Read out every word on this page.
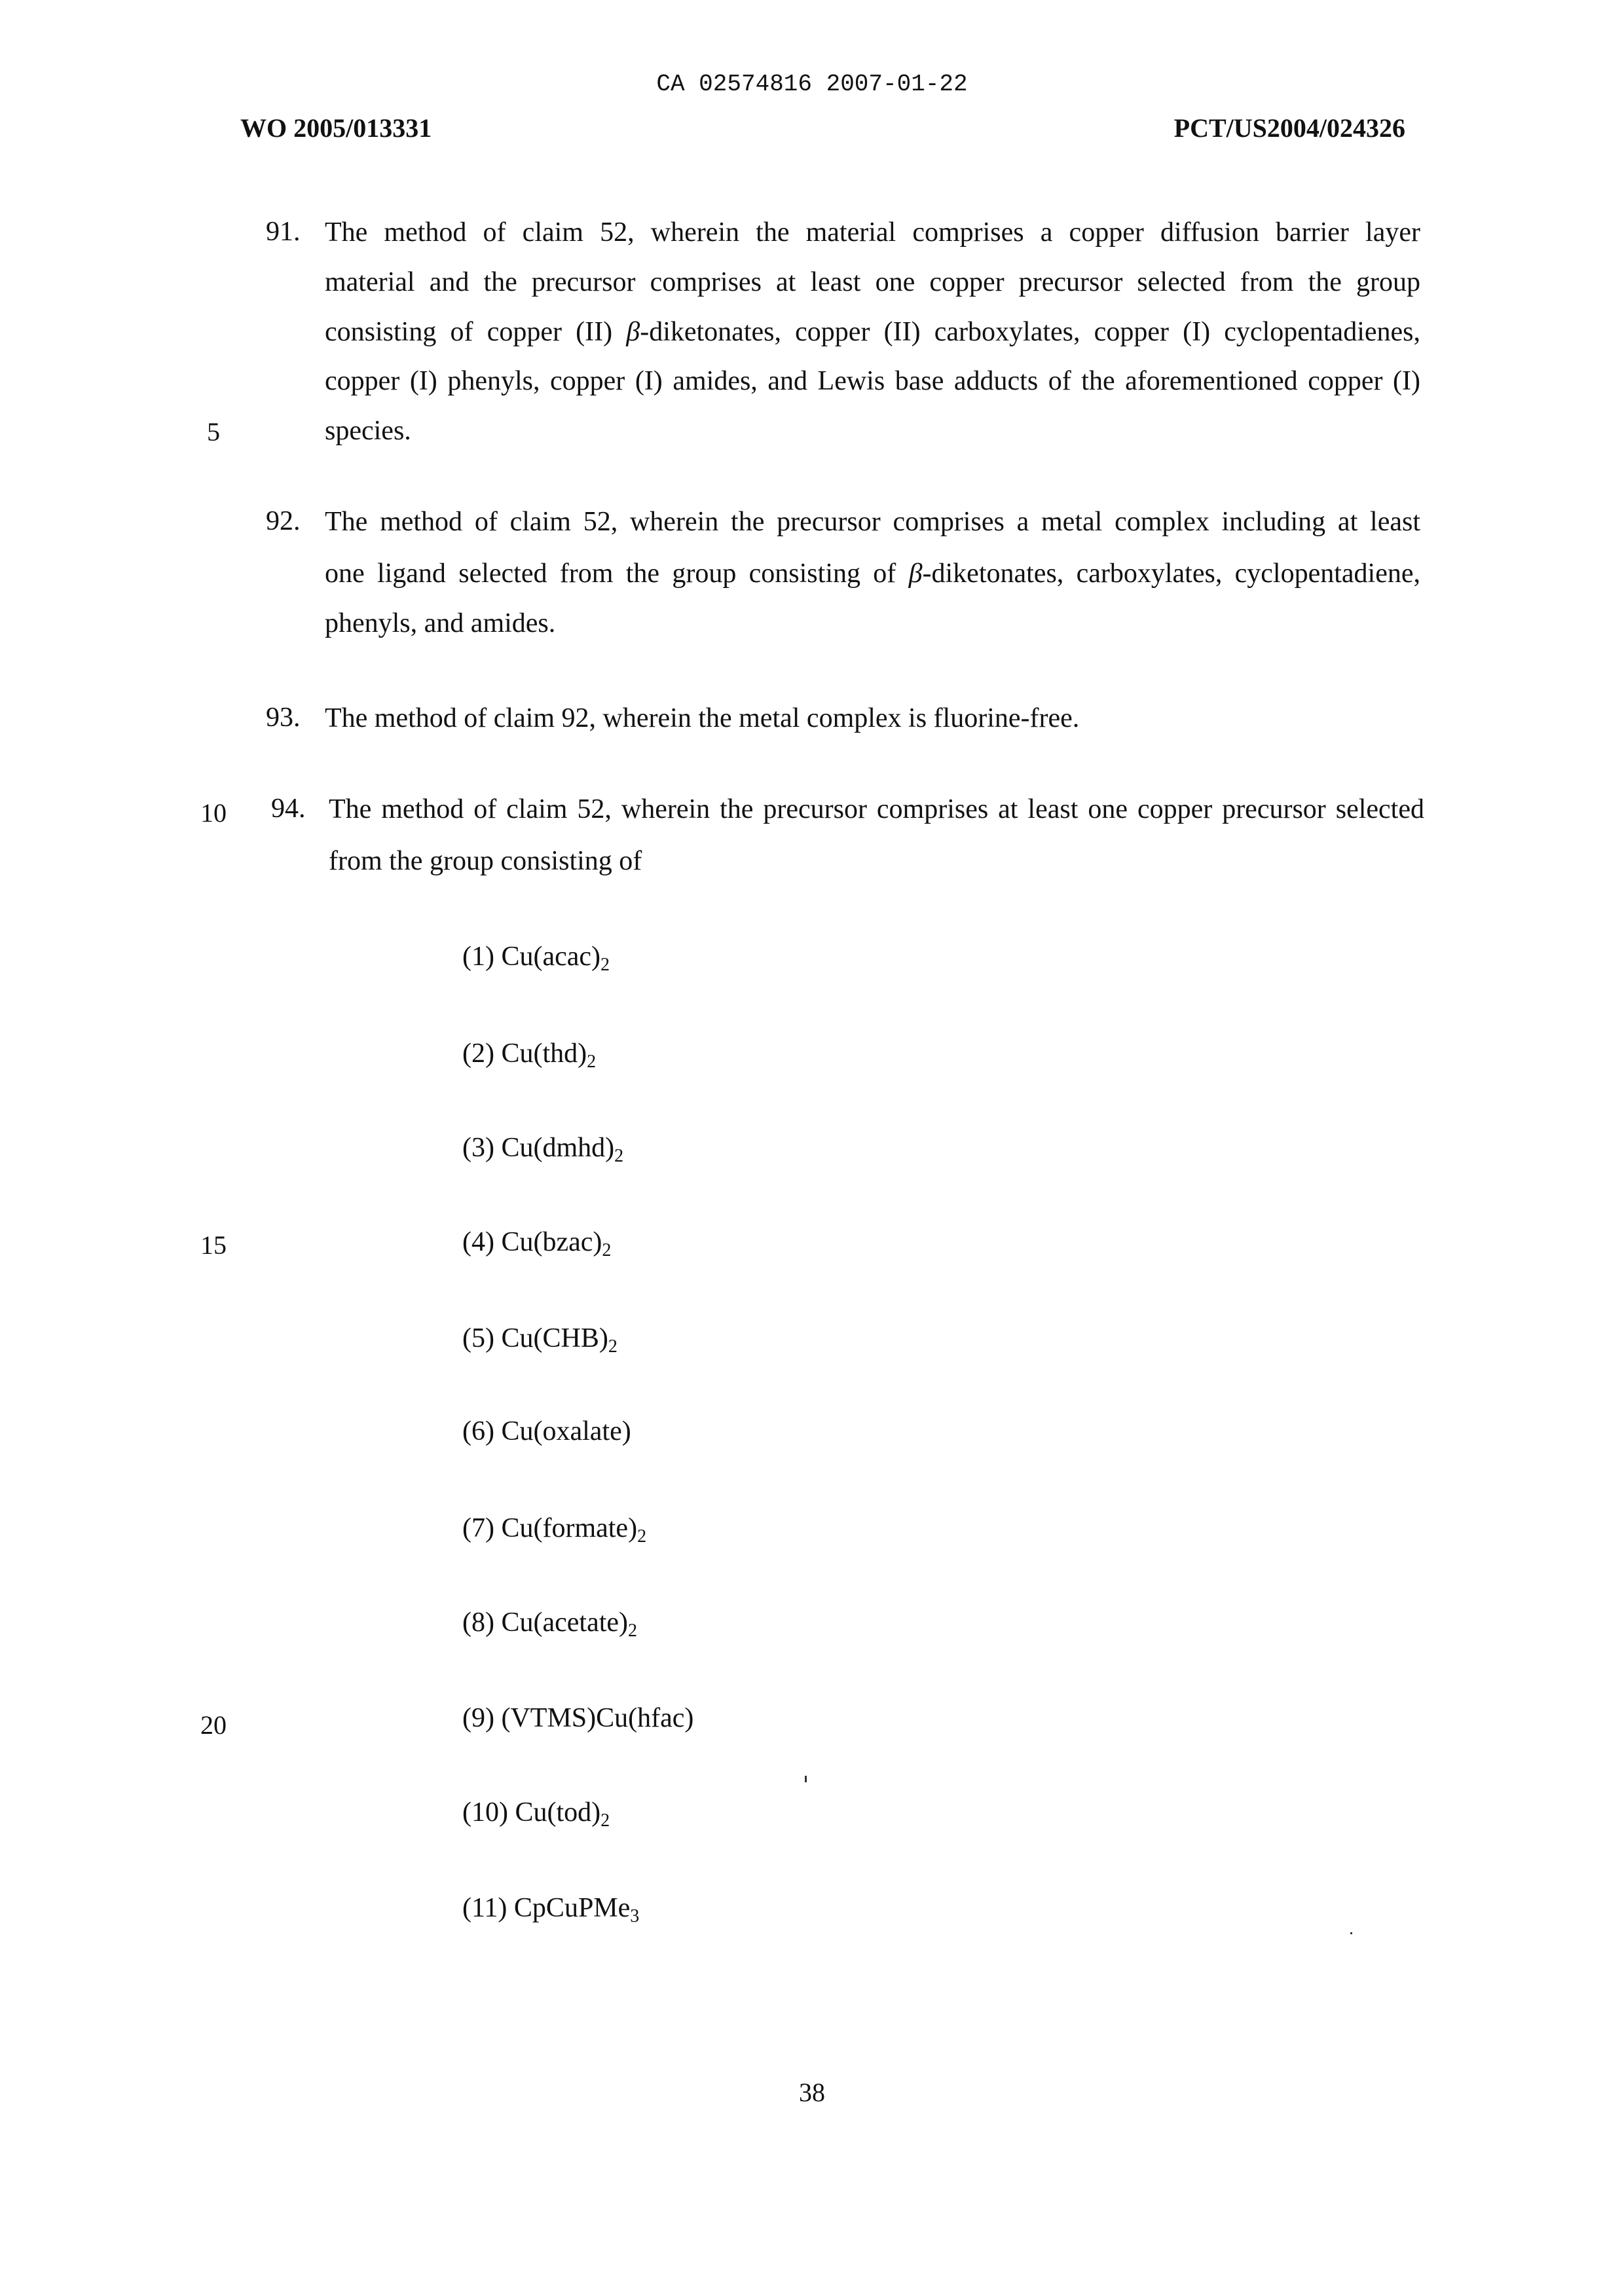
CA 02574816 2007-01-22
WO 2005/013331	PCT/US2004/024326
5
10
15
20
91. The method of claim 52, wherein the material comprises a copper diffusion barrier layer
material and the precursor comprises at least one copper precursor selected from the group
consisting of copper (II) β-diketonates, copper (II) carboxylates, copper (I) cyclopentadienes,
copper (I) phenyls, copper (I) amides, and Lewis base adducts of the aforementioned copper (I)
species.
92. The method of claim 52, wherein the precursor comprises a metal complex including at least
one ligand selected from the group consisting of β-diketonates, carboxylates, cyclopentadiene,
phenyls, and amides.
93. The method of claim 92, wherein the metal complex is fluorine-free.
94. The method of claim 52, wherein the precursor comprises at least one copper precursor selected
from the group consisting of
(1) $Cu(acac)_2$
(2) $Cu(thd)_2$
(3) $Cu(dmhd)_2$
(4) $Cu(bzac)_2$
(5) $Cu(CHB)_2$
(6) Cu(oxalate)
(7) $Cu(formate)_2$
(8) $Cu(acetate)_2$
(9) (VTMS)Cu(hfac)
(10) $Cu(tod)_2$
(11) CpCuPMe$_3$
38
